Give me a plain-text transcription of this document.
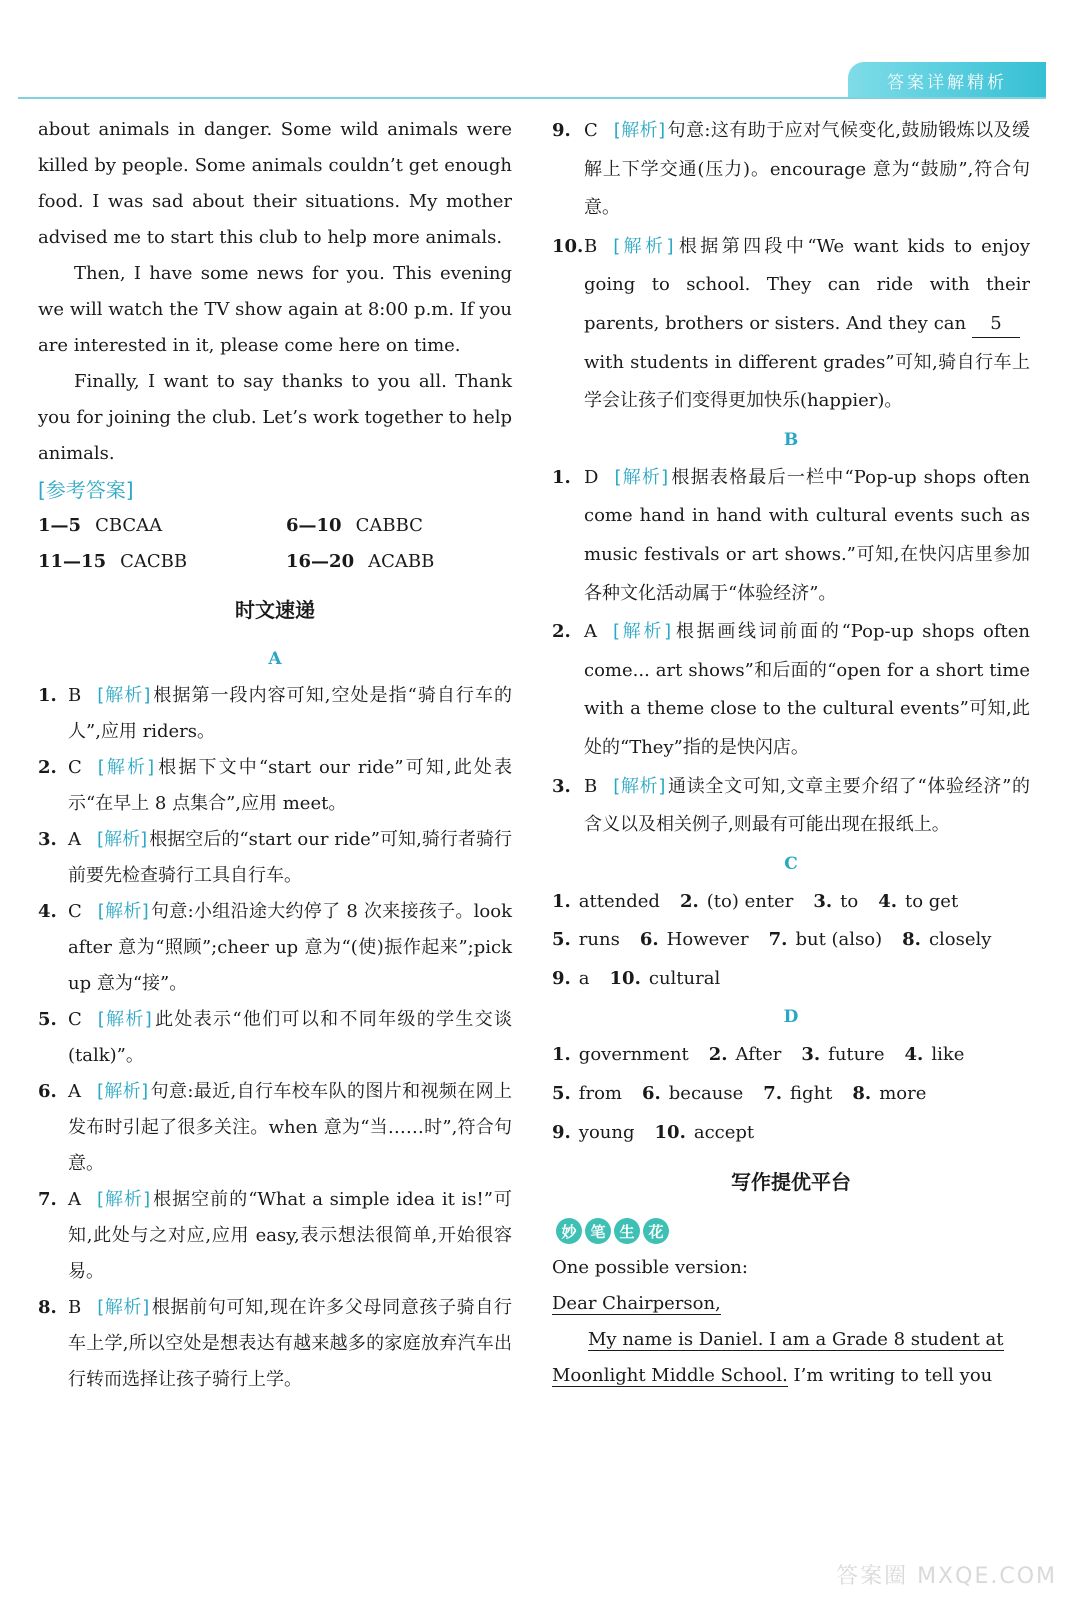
答案详解精析

about animals in danger. Some wild animals were killed by people. Some animals couldn’t get enough food. I was sad about their situations. My mother advised me to start this club to help more animals.

Then, I have some news for you. This evening we will watch the TV show again at 8:00 p.m. If you are interested in it, please come here on time.

Finally, I want to say thanks to you all. Thank you for joining the club. Let’s work together to help animals.

[参考答案]
1—5 CBCAA	6—10 CABBC
11—15 CACBB	16—20 ACABB
时文速递
A
1. B [解析] 根据第一段内容可知,空处是指“骑自行车的人”,应用 riders。
2. C [解析] 根据下文中“start our ride”可知,此处表示“在早上 8 点集合”,应用 meet。
3. A [解析] 根据空后的“start our ride”可知,骑行者骑行前要先检查骑行工具自行车。
4. C [解析] 句意:小组沿途大约停了 8 次来接孩子。look after 意为“照顾”;cheer up 意为“(使)振作起来”;pick up 意为“接”。
5. C [解析] 此处表示“他们可以和不同年级的学生交谈(talk)”。
6. A [解析] 句意:最近,自行车校车队的图片和视频在网上发布时引起了很多关注。when 意为“当……时”,符合句意。
7. A [解析] 根据空前的“What a simple idea it is!”可知,此处与之对应,应用 easy,表示想法很简单,开始很容易。
8. B [解析] 根据前句可知,现在许多父母同意孩子骑自行车上学,所以空处是想表达有越来越多的家庭放弃汽车出行转而选择让孩子骑行上学。
9. C [解析] 句意:这有助于应对气候变化,鼓励锻炼以及缓解上下学交通(压力)。encourage 意为“鼓励”,符合句意。
10. B [解析] 根据第四段中“We want kids to enjoy going to school. They can ride with their parents, brothers or sisters. And they can 5with students in different grades”可知,骑自行车上学会让孩子们变得更加快乐(happier)。
B
1. D [解析] 根据表格最后一栏中“Pop-up shops often come hand in hand with cultural events such as music festivals or art shows.”可知,在快闪店里参加各种文化活动属于“体验经济”。
2. A [解析] 根据画线词前面的“Pop-up shops often come... art shows”和后面的“open for a short time with a theme close to the cultural events”可知,此处的“They”指的是快闪店。
3. B [解析] 通读全文可知,文章主要介绍了“体验经济”的含义以及相关例子,则最有可能出现在报纸上。
C
1. attended 2. (to) enter 3. to 4. to get
5. runs 6. However 7. but (also) 8. closely
9. a 10. cultural
D
1. government 2. After 3. future 4. like
5. from 6. because 7. fight 8. more
9. young 10. accept
写作提优平台
妙 笔 生 花

One possible version:

Dear Chairperson,

My name is Daniel. I am a Grade 8 student at

Moonlight Middle School. I’m writing to tell you

答案圈 MXQE.COM
